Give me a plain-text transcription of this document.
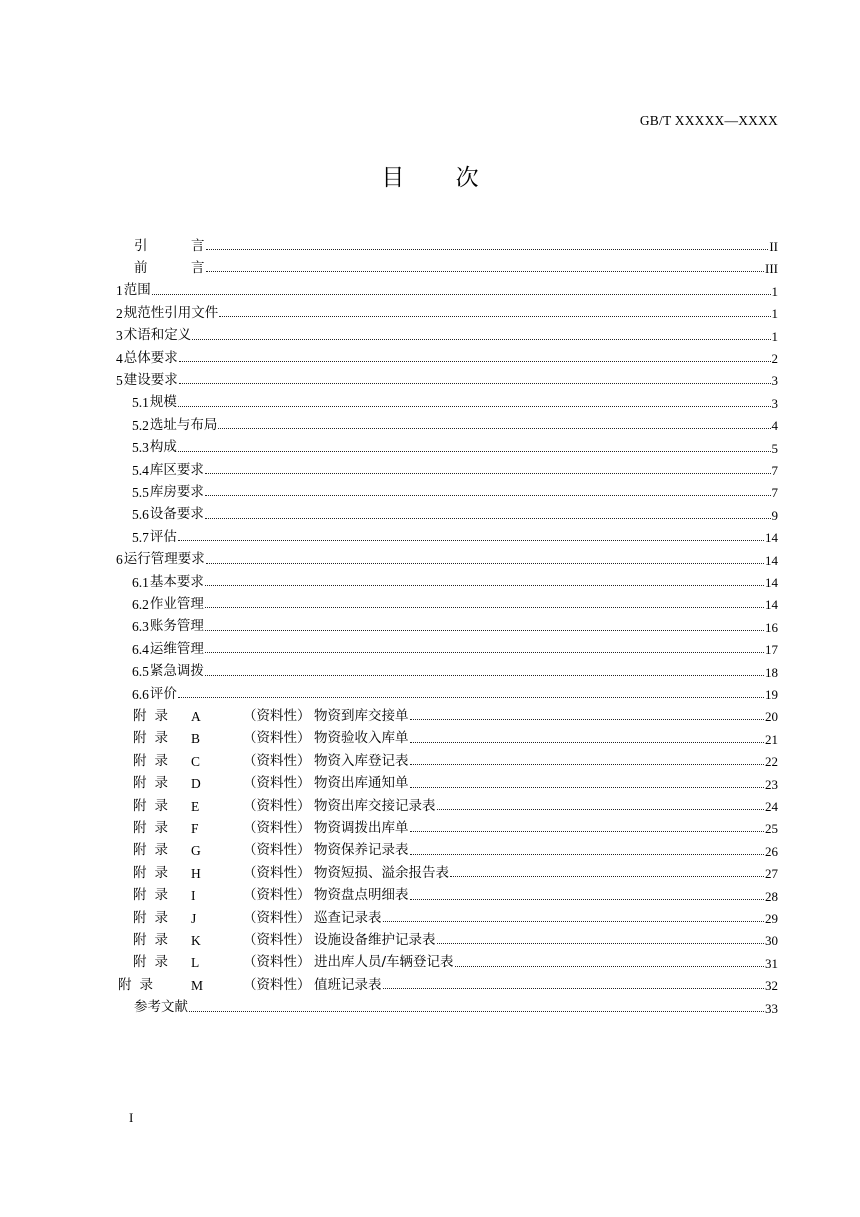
GB/T XXXXX—XXXX
目 次
引　言	II
前　言	III
1 范围	1
2 规范性引用文件	1
3 术语和定义	1
4 总体要求	2
5 建设要求	3
5.1 规模	3
5.2 选址与布局	4
5.3 构成	5
5.4 库区要求	7
5.5 库房要求	7
5.6 设备要求	9
5.7 评估	14
6 运行管理要求	14
6.1 基本要求	14
6.2 作业管理	14
6.3 账务管理	16
6.4 运维管理	17
6.5 紧急调拨	18
6.6 评价	19
附录	A	（资料性） 物资到库交接单	20
附录	B	（资料性） 物资验收入库单	21
附录	C	（资料性） 物资入库登记表	22
附录	D	（资料性） 物资出库通知单	23
附录	E	（资料性） 物资出库交接记录表	24
附录	F	（资料性） 物资调拨出库单	25
附录	G	（资料性） 物资保养记录表	26
附录	H	（资料性） 物资短损、溢余报告表	27
附录	I	（资料性） 物资盘点明细表	28
附录	J	（资料性） 巡查记录表	29
附录	K	（资料性） 设施设备维护记录表	30
附录	L	（资料性） 进出库人员/车辆登记表	31
附录	M	（资料性） 值班记录表	32
参考文献	33
I
